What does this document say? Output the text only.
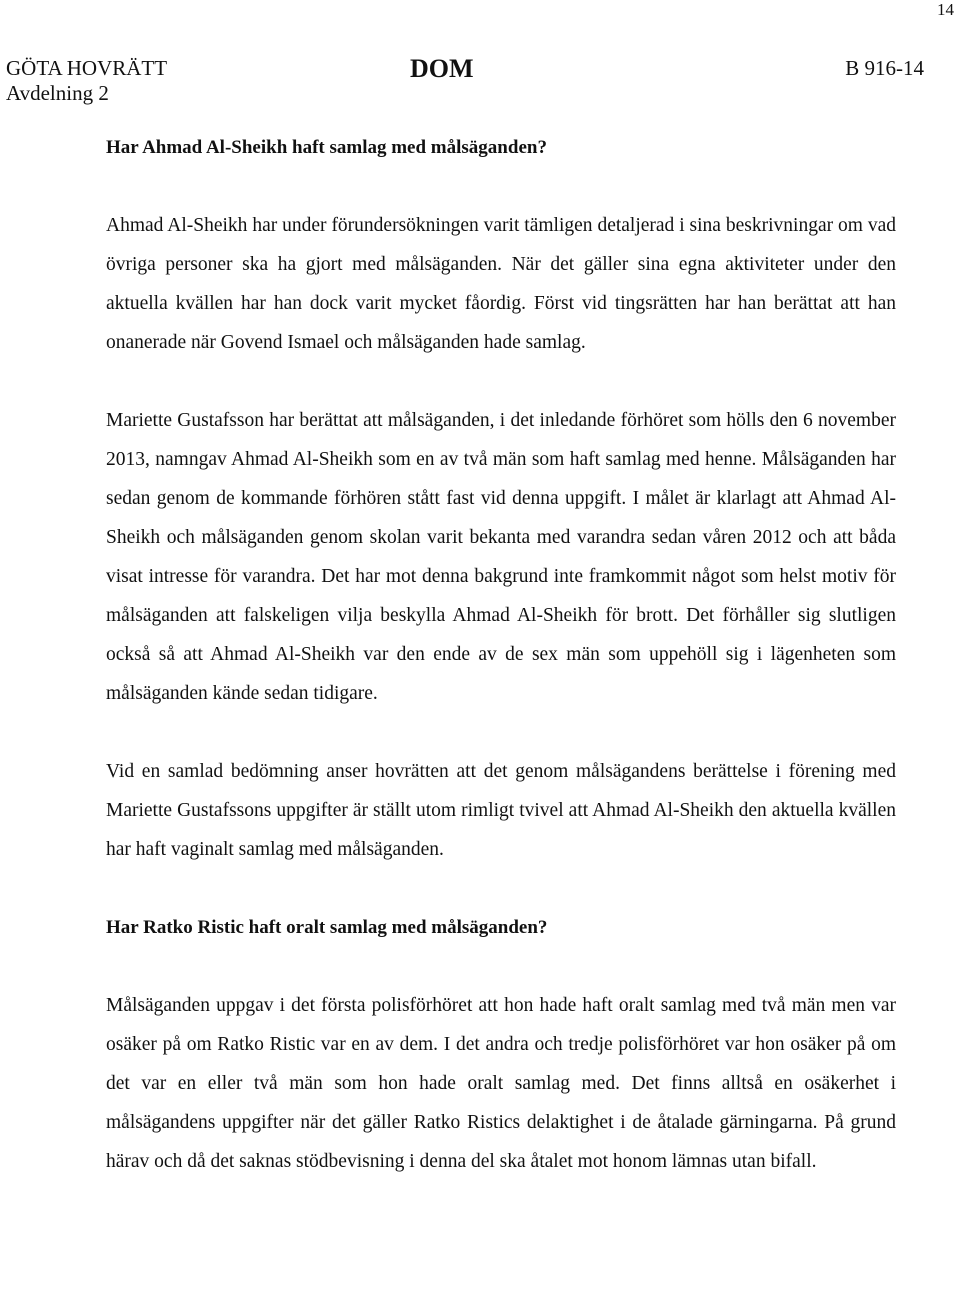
14
GÖTA HOVRÄTT
Avdelning 2
DOM	B 916-14
Har Ahmad Al-Sheikh haft samlag med målsäganden?

Ahmad Al-Sheikh har under förundersökningen varit tämligen detaljerad i sina beskrivningar om vad övriga personer ska ha gjort med målsäganden. När det gäller sina egna aktiviteter under den aktuella kvällen har han dock varit mycket fåordig. Först vid tingsrätten har han berättat att han onanerade när Govend Ismael och målsäganden hade samlag.

Mariette Gustafsson har berättat att målsäganden, i det inledande förhöret som hölls den 6 november 2013, namngav Ahmad Al-Sheikh som en av två män som haft samlag med henne. Målsäganden har sedan genom de kommande förhören stått fast vid denna uppgift. I målet är klarlagt att Ahmad Al-Sheikh och målsäganden genom skolan varit bekanta med varandra sedan våren 2012 och att båda visat intresse för varandra. Det har mot denna bakgrund inte framkommit något som helst motiv för målsäganden att falskeligen vilja beskylla Ahmad Al-Sheikh för brott. Det förhåller sig slutligen också så att Ahmad Al-Sheikh var den ende av de sex män som uppehöll sig i lägenheten som målsäganden kände sedan tidigare.

Vid en samlad bedömning anser hovrätten att det genom målsägandens berättelse i förening med Mariette Gustafssons uppgifter är ställt utom rimligt tvivel att Ahmad Al-Sheikh den aktuella kvällen har haft vaginalt samlag med målsäganden.

Har Ratko Ristic haft oralt samlag med målsäganden?

Målsäganden uppgav i det första polisförhöret att hon hade haft oralt samlag med två män men var osäker på om Ratko Ristic var en av dem. I det andra och tredje polisförhöret var hon osäker på om det var en eller två män som hon hade oralt samlag med. Det finns alltså en osäkerhet i målsägandens uppgifter när det gäller Ratko Ristics delaktighet i de åtalade gärningarna. På grund härav och då det saknas stödbevisning i denna del ska åtalet mot honom lämnas utan bifall.
